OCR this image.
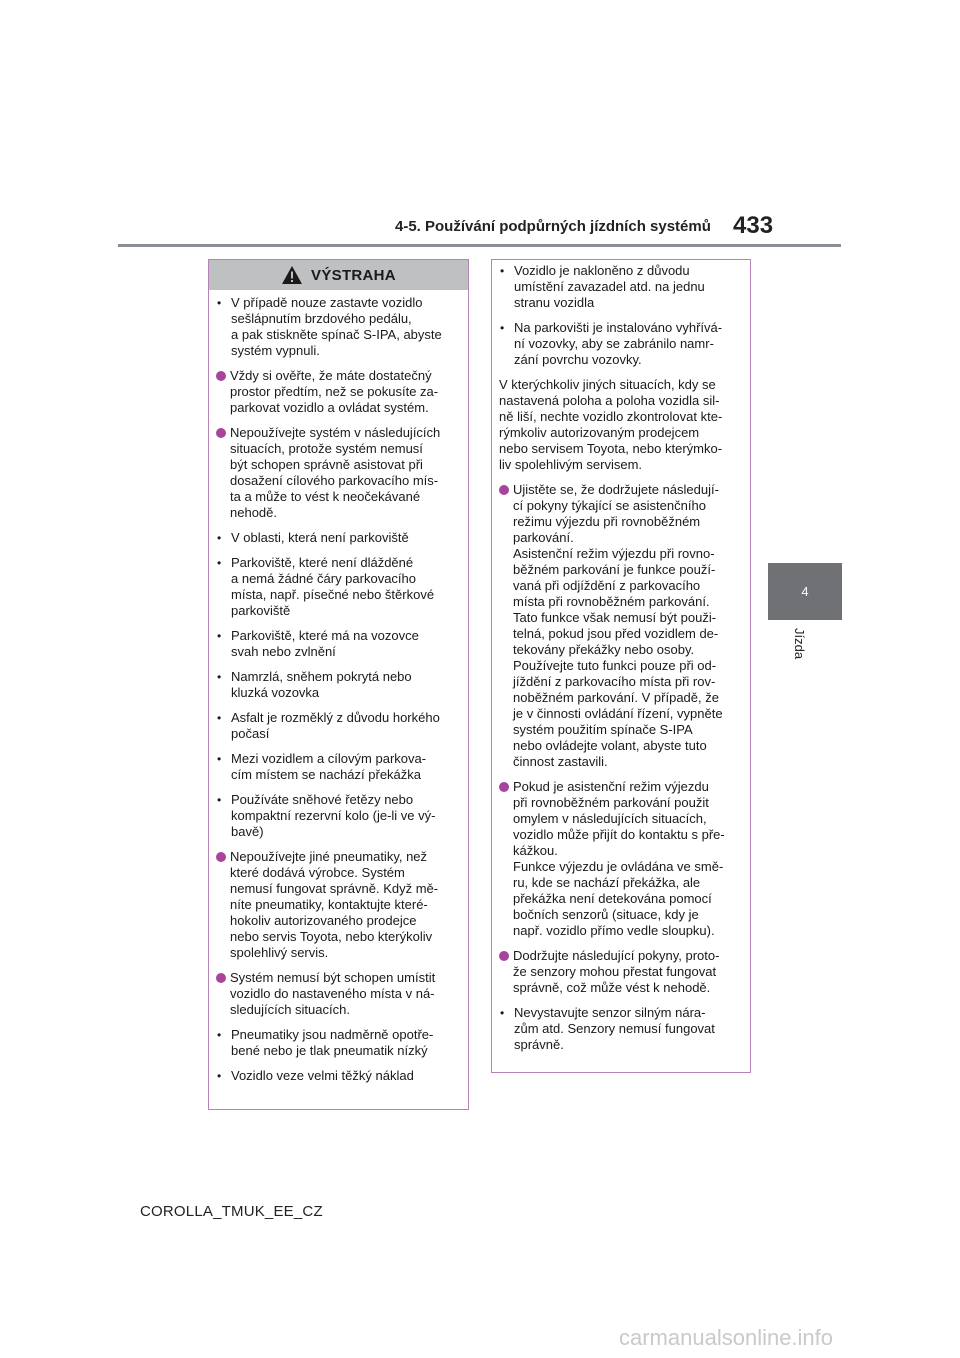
4-5. Používání podpůrných jízdních systémů 433
4
Jízda
VÝSTRAHA
• V případě nouze zastavte vozidlo
sešlápnutím brzdového pedálu,
a pak stiskněte spínač S-IPA, abyste
systém vypnuli.
Vždy si ověřte, že máte dostatečný
prostor předtím, než se pokusíte za-
parkovat vozidlo a ovládat systém.
Nepoužívejte systém v následujících
situacích, protože systém nemusí
být schopen správně asistovat při
dosažení cílového parkovacího mís-
ta a může to vést k neočekávané
nehodě.
• V oblasti, která není parkoviště
• Parkoviště, které není dlážděné
a nemá žádné čáry parkovacího
místa, např. písečné nebo štěrkové
parkoviště
• Parkoviště, které má na vozovce
svah nebo zvlnění
• Namrzlá, sněhem pokrytá nebo
kluzká vozovka
• Asfalt je rozměklý z důvodu horkého
počasí
• Mezi vozidlem a cílovým parkova-
cím místem se nachází překážka
• Používáte sněhové řetězy nebo
kompaktní rezervní kolo (je-li ve vý-
bavě)
Nepoužívejte jiné pneumatiky, než
které dodává výrobce. Systém
nemusí fungovat správně. Když mě-
níte pneumatiky, kontaktujte které-
hokoliv autorizovaného prodejce
nebo servis Toyota, nebo kterýkoliv
spolehlivý servis.
Systém nemusí být schopen umístit
vozidlo do nastaveného místa v ná-
sledujících situacích.
• Pneumatiky jsou nadměrně opotře-
bené nebo je tlak pneumatik nízký
• Vozidlo veze velmi těžký náklad
• Vozidlo je nakloněno z důvodu
umístění zavazadel atd. na jednu
stranu vozidla
• Na parkovišti je instalováno vyhřívá-
ní vozovky, aby se zabránilo namr-
zání povrchu vozovky.
V kterýchkoliv jiných situacích, kdy se
nastavená poloha a poloha vozidla sil-
ně liší, nechte vozidlo zkontrolovat kte-
rýmkoliv autorizovaným prodejcem
nebo servisem Toyota, nebo kterýmko-
liv spolehlivým servisem.
Ujistěte se, že dodržujete následují-
cí pokyny týkající se asistenčního
režimu výjezdu při rovnoběžném
parkování.
Asistenční režim výjezdu při rovno-
běžném parkování je funkce použí-
vaná při odjíždění z parkovacího
místa při rovnoběžném parkování.
Tato funkce však nemusí být použi-
telná, pokud jsou před vozidlem de-
tekovány překážky nebo osoby.
Používejte tuto funkci pouze při od-
jíždění z parkovacího místa při rov-
noběžném parkování. V případě, že
je v činnosti ovládání řízení, vypněte
systém použitím spínače S-IPA
nebo ovládejte volant, abyste tuto
činnost zastavili.
Pokud je asistenční režim výjezdu
při rovnoběžném parkování použit
omylem v následujících situacích,
vozidlo může přijít do kontaktu s pře-
kážkou.
Funkce výjezdu je ovládána ve smě-
ru, kde se nachází překážka, ale
překážka není detekována pomocí
bočních senzorů (situace, kdy je
např. vozidlo přímo vedle sloupku).
Dodržujte následující pokyny, proto-
že senzory mohou přestat fungovat
správně, což může vést k nehodě.
• Nevystavujte senzor silným nára-
zům atd. Senzory nemusí fungovat
správně.
COROLLA_TMUK_EE_CZ
carmanualsonline.info
